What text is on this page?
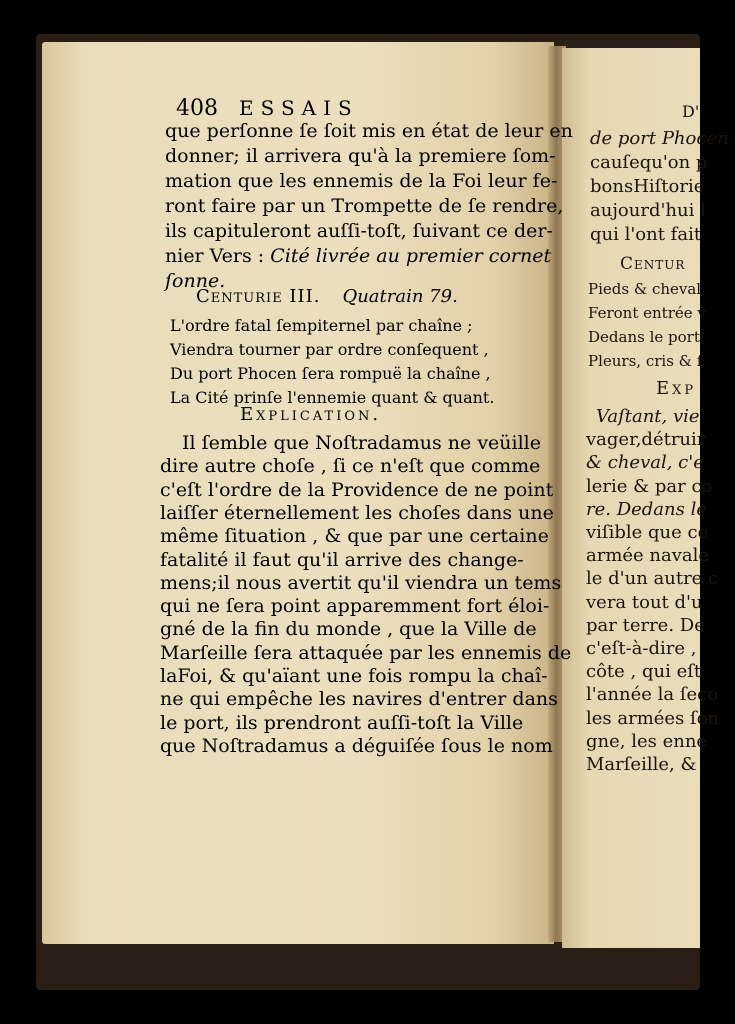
D'
de port Phocen
cauſequ'on p
bonsHiſtorie
aujourd'hui l
qui l'ont fait
Centur
Pieds & cheval
Feront entrée v
Dedans le port
Pleurs, cris & ſ
Exp
Vaſtant, vie
vager,détruir
& cheval, c'e
lerie & par co
re. Dedans le
viſible que ce
armée navale
le d'un autre c
vera tout d'u
par terre. De
c'eſt-à-dire ,
côte , qui eſt
l'année la ſeco
les armées ſon
gne, les enne
Marſeille, &
408 ESSAIS
que perſonne ſe ſoit mis en état de leur en
donner; il arrivera qu'à la premiere ſom-
mation que les ennemis de la Foi leur fe-
ront faire par un Trompette de ſe rendre,
ils capituleront auſſi-toſt, ſuivant ce der-
nier Vers : Cité livrée au premier cornet
ſonne.
Centurie III. Quatrain 79.
L'ordre fatal ſempiternel par chaîne ;
Viendra tourner par ordre conſequent ,
Du port Phocen ſera rompuë la chaîne ,
La Cité prinſe l'ennemie quant & quant.
Explication.
Il ſemble que Noſtradamus ne veüille
dire autre choſe , ſi ce n'eſt que comme
c'eſt l'ordre de la Providence de ne point
laiſſer éternellement les choſes dans une
même ſituation , & que par une certaine
fatalité il faut qu'il arrive des change-
mens;il nous avertit qu'il viendra un tems
qui ne ſera point apparemment fort éloi-
gné de la fin du monde , que la Ville de
Marſeille ſera attaquée par les ennemis de
laFoi, & qu'aïant une fois rompu la chaî-
ne qui empêche les navires d'entrer dans
le port, ils prendront auſſi-toſt la Ville
que Noſtradamus a déguiſée ſous le nom
